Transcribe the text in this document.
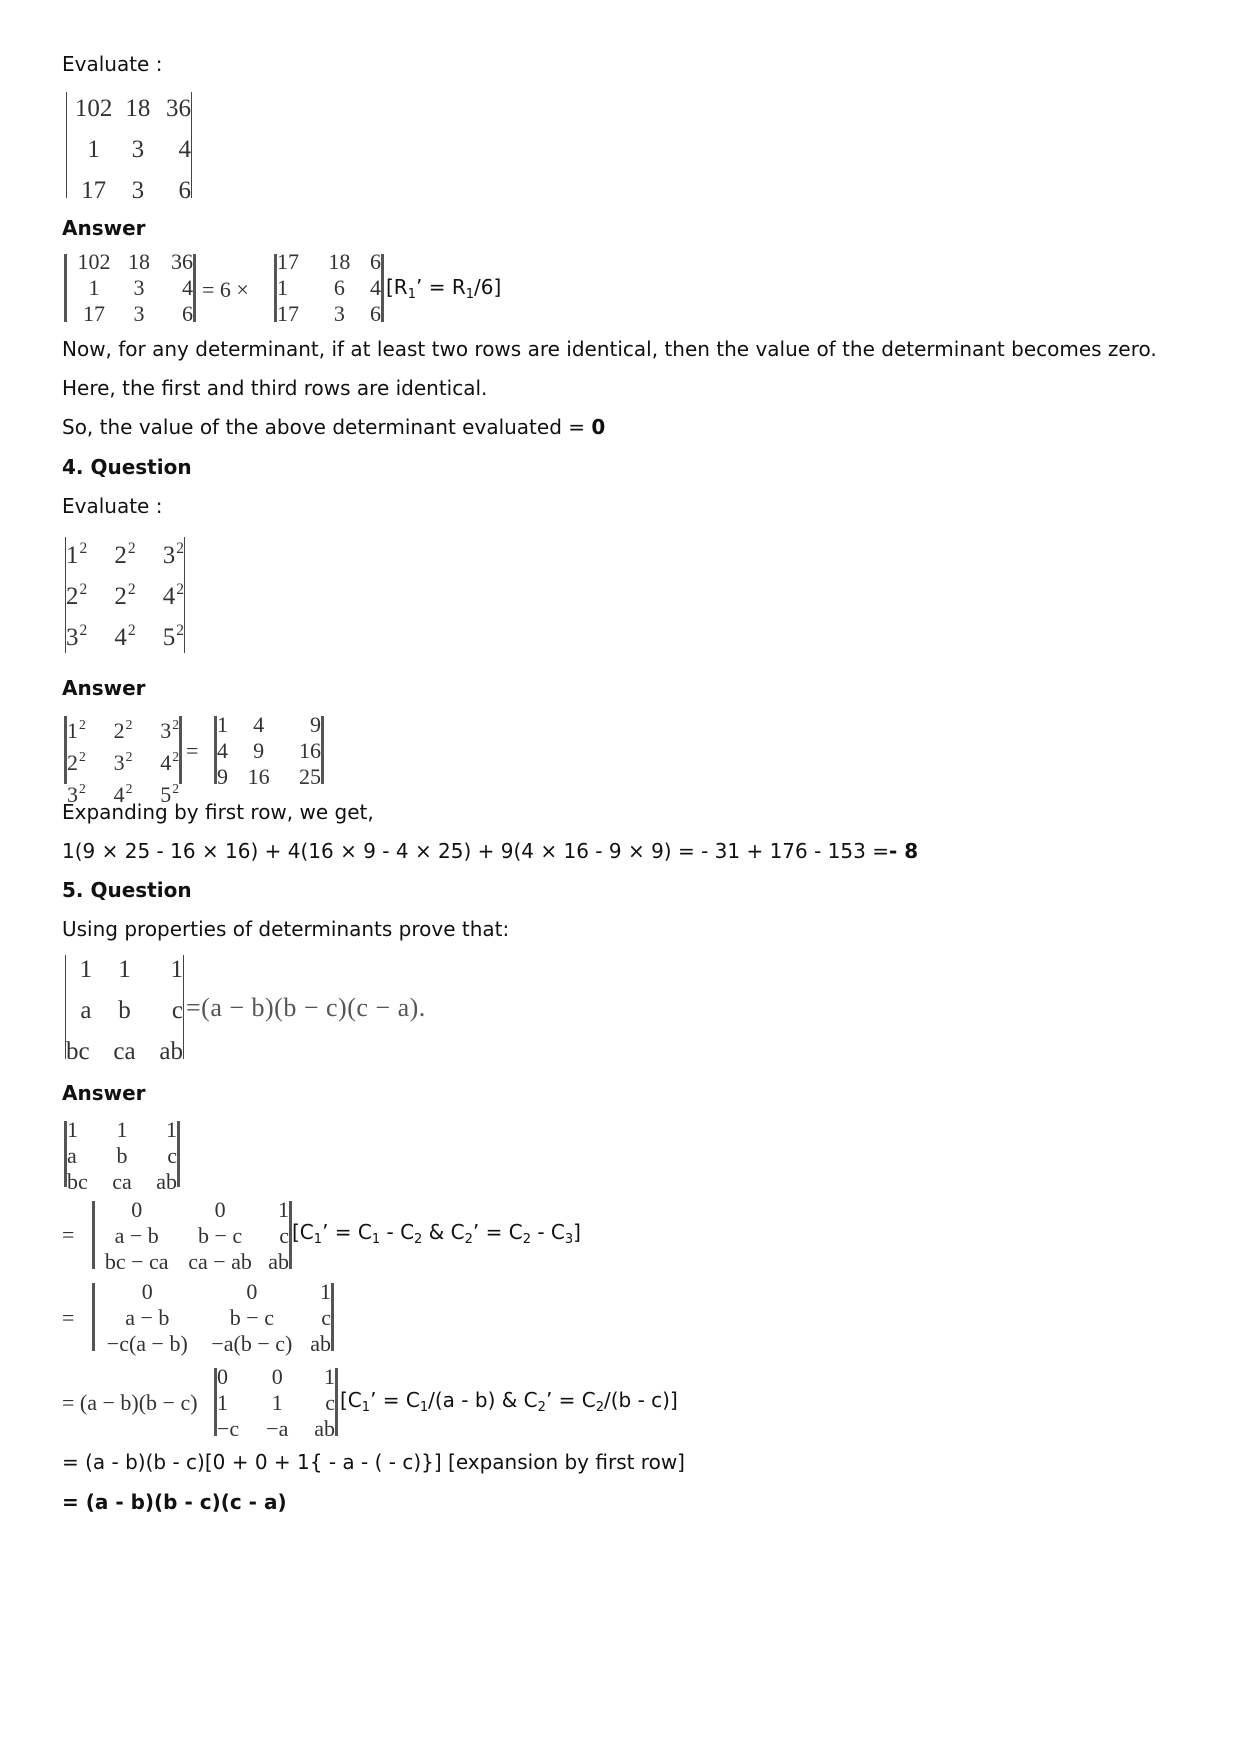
Evaluate :
102	18	36
1	3	4
17	3	6
Answer
102	18	36
1	3	4
17	3	6
= 6 ×
17	18	6
1	6	4
17	3	6
[$R_1$’ = $R_1/6$]
Now, for any determinant, if at least two rows are identical, then the value of the determinant becomes zero.
Here, the first and third rows are identical.
So, the value of the above determinant evaluated = 0
4. Question
Evaluate :
$1^2$	$2^2$	$3^2$
$2^2$	$2^2$	$4^2$
$3^2$	$4^2$	$5^2$
Answer
$1^2$	$2^2$	$3^2$
$2^2$	$3^2$	$4^2$
$3^2$	$4^2$	$5^2$
=
1	4	9
4	9	16
9	16	25
Expanding by first row, we get,
1(9 × 25 - 16 × 16) + 4(16 × 9 - 4 × 25) + 9(4 × 16 - 9 × 9) = - 31 + 176 - 153 =- 8
5. Question
Using properties of determinants prove that:
1	1	1
a	b	c
bc	ca	ab
=(a − b)(b − c)(c − a).
Answer
1	1	1
a	b	c
bc	ca	ab
=
0	0	1
a − b	b − c	c
bc − ca	ca − ab	ab
[$C_1$’ = $C_1 - C_2$ & $C_2$’ = $C_2 - C_3$]
=
0	0	1
a − b	b − c	c
−c(a − b)	−a(b − c)	ab
= (a − b)(b − c)
0	0	1
1	1	c
−c	−a	ab
[$C_1$’ = $C_1/(a - b)$ & $C_2$’ = $C_2/(b - c)$]
= (a - b)(b - c)[0 + 0 + 1{ - a - ( - c)}] [expansion by first row]
= (a - b)(b - c)(c - a)
